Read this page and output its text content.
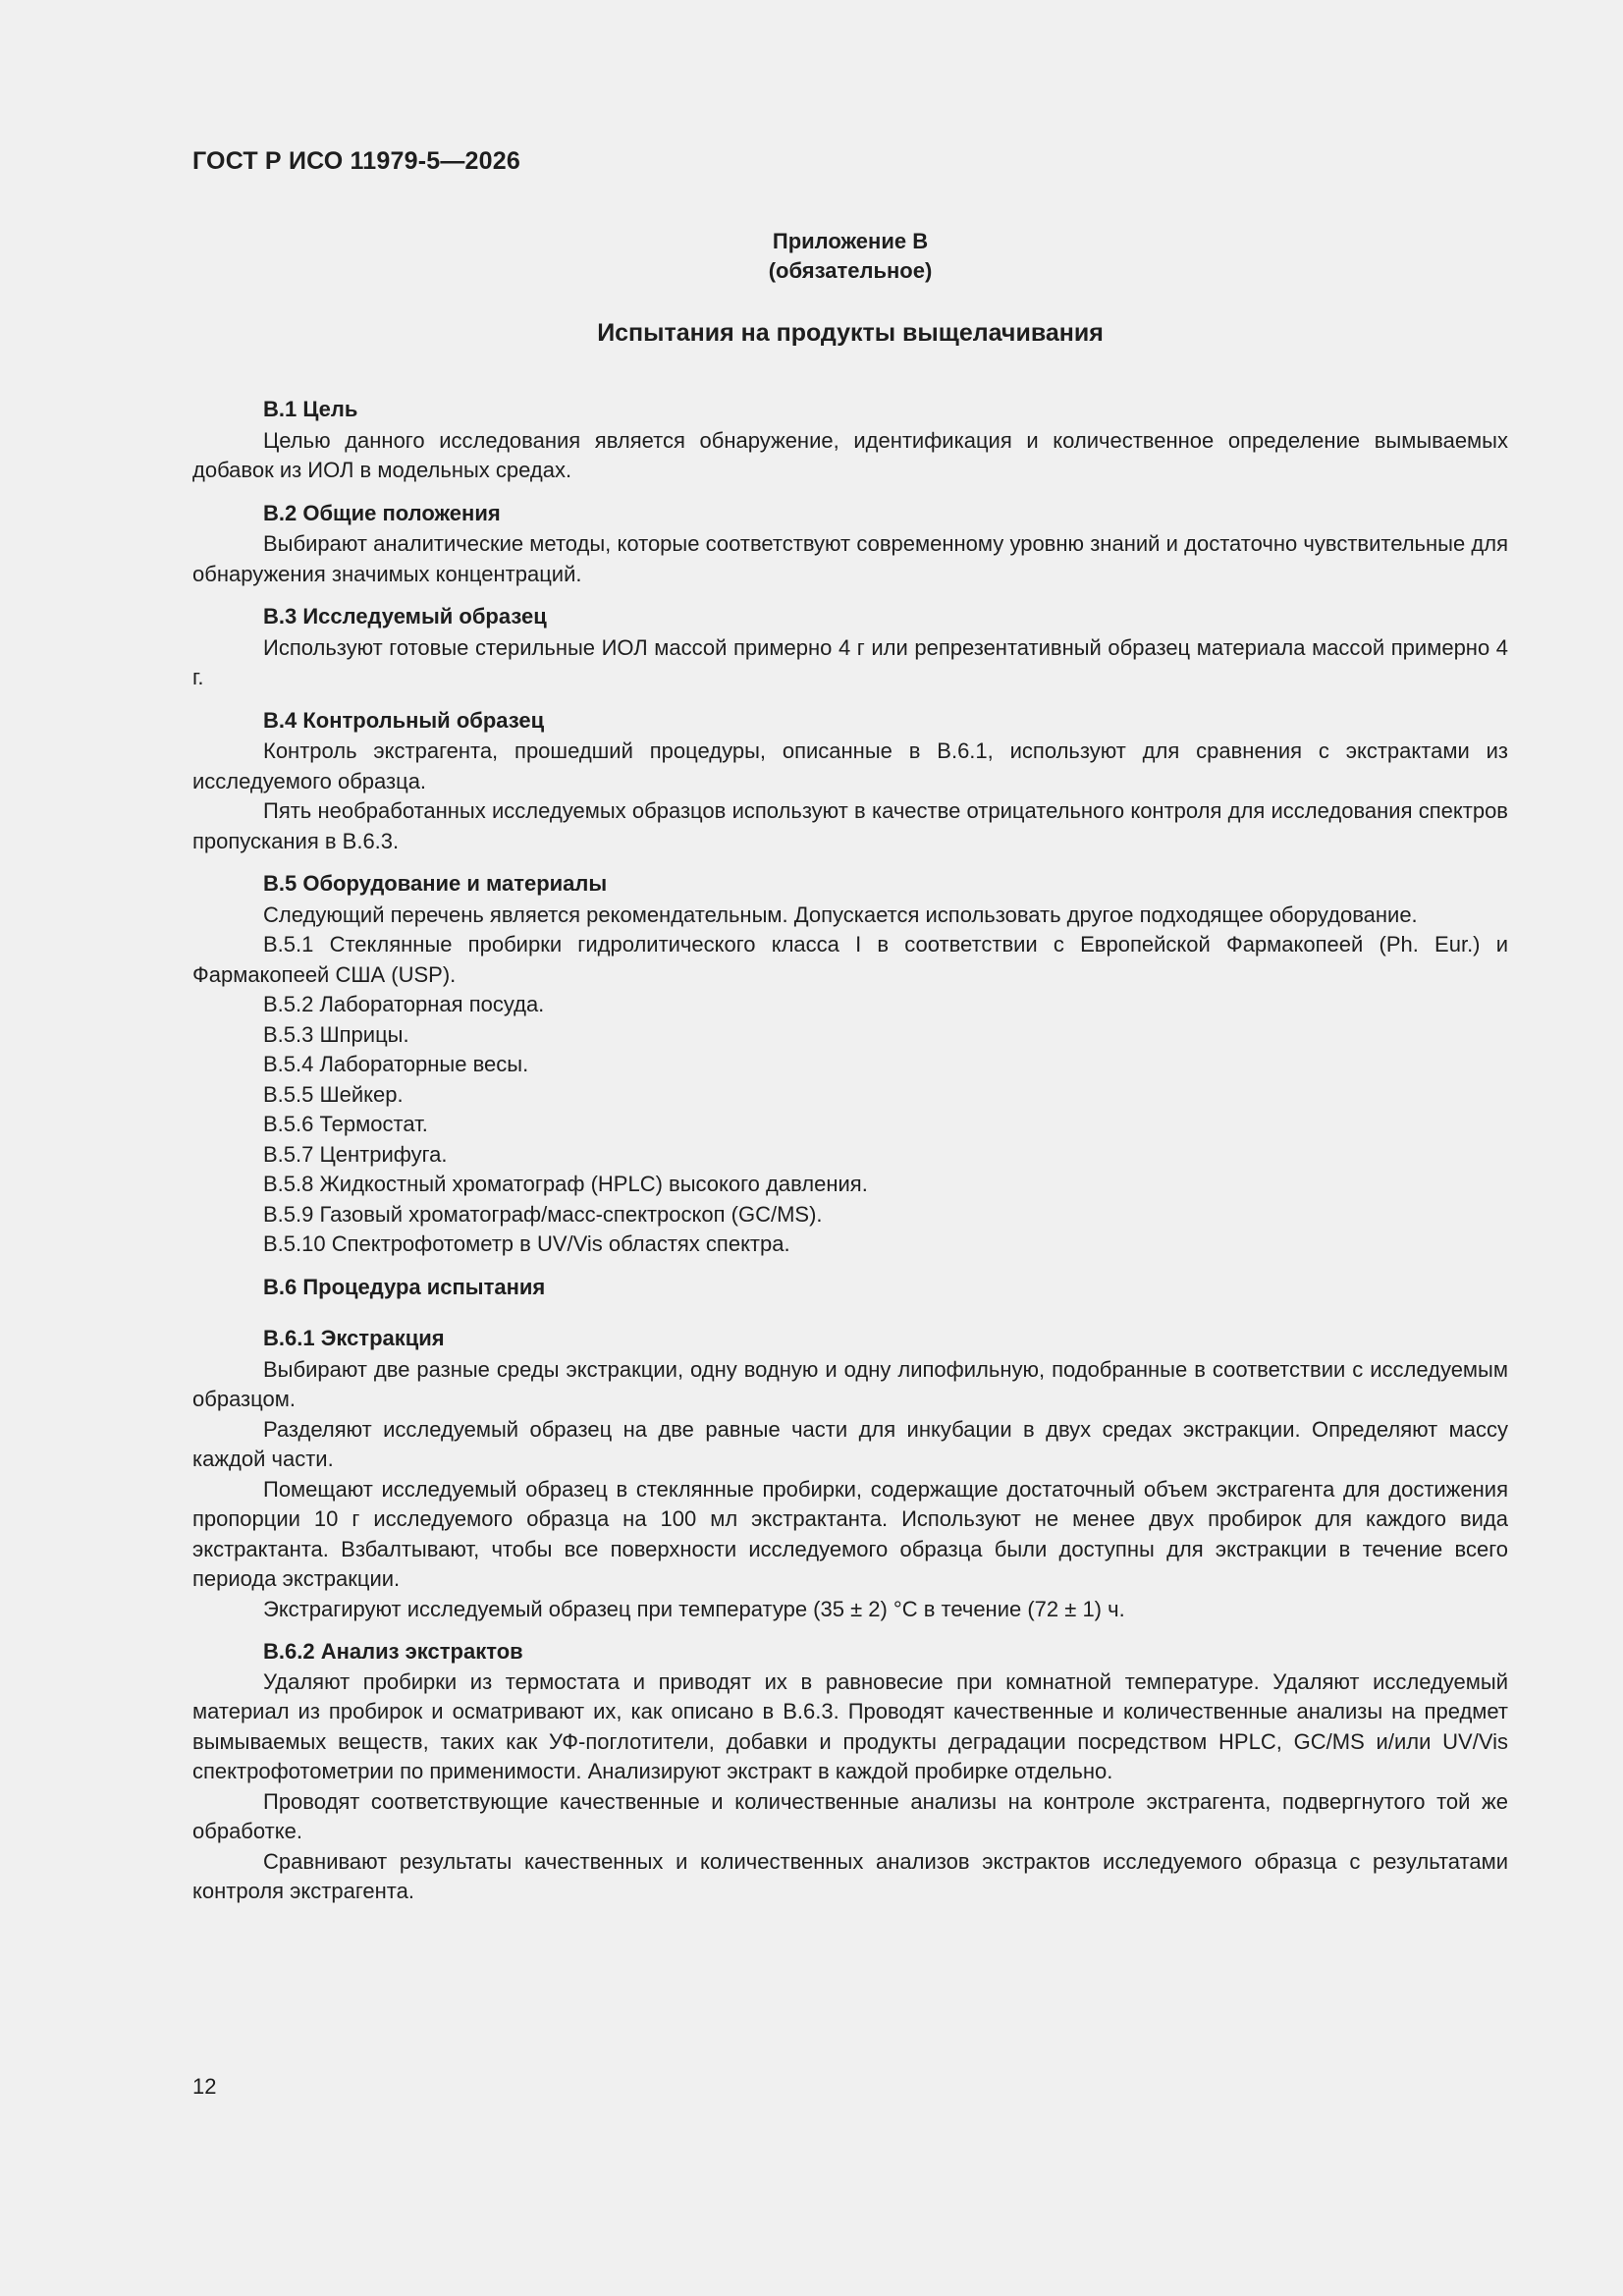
ГОСТ Р ИСО 11979-5—2026
Приложение В
(обязательное)
Испытания на продукты выщелачивания
В.1 Цель

Целью данного исследования является обнаружение, идентификация и количественное определение вымываемых добавок из ИОЛ в модельных средах.

В.2 Общие положения

Выбирают аналитические методы, которые соответствуют современному уровню знаний и достаточно чувствительные для обнаружения значимых концентраций.

В.3 Исследуемый образец

Используют готовые стерильные ИОЛ массой примерно 4 г или репрезентативный образец материала массой примерно 4 г.

В.4 Контрольный образец

Контроль экстрагента, прошедший процедуры, описанные в В.6.1, используют для сравнения с экстрактами из исследуемого образца.

Пять необработанных исследуемых образцов используют в качестве отрицательного контроля для исследования спектров пропускания в В.6.3.

В.5 Оборудование и материалы

Следующий перечень является рекомендательным. Допускается использовать другое подходящее оборудование.

В.5.1 Стеклянные пробирки гидролитического класса I в соответствии с Европейской Фармакопеей (Ph. Eur.) и Фармакопеей США (USP).

В.5.2 Лабораторная посуда.

В.5.3 Шприцы.

В.5.4 Лабораторные весы.

В.5.5 Шейкер.

В.5.6 Термостат.

В.5.7 Центрифуга.

В.5.8 Жидкостный хроматограф (HPLC) высокого давления.

В.5.9 Газовый хроматограф/масс-спектроскоп (GC/MS).

В.5.10 Спектрофотометр в UV/Vis областях спектра.

В.6 Процедура испытания
В.6.1 Экстракция

Выбирают две разные среды экстракции, одну водную и одну липофильную, подобранные в соответствии с исследуемым образцом.

Разделяют исследуемый образец на две равные части для инкубации в двух средах экстракции. Определяют массу каждой части.

Помещают исследуемый образец в стеклянные пробирки, содержащие достаточный объем экстрагента для достижения пропорции 10 г исследуемого образца на 100 мл экстрактанта. Используют не менее двух пробирок для каждого вида экстрактанта. Взбалтывают, чтобы все поверхности исследуемого образца были доступны для экстракции в течение всего периода экстракции.

Экстрагируют исследуемый образец при температуре (35 ± 2) °С в течение (72 ± 1) ч.

В.6.2 Анализ экстрактов

Удаляют пробирки из термостата и приводят их в равновесие при комнатной температуре. Удаляют исследуемый материал из пробирок и осматривают их, как описано в В.6.3. Проводят качественные и количественные анализы на предмет вымываемых веществ, таких как УФ-поглотители, добавки и продукты деградации посредством HPLC, GC/MS и/или UV/Vis спектрофотометрии по применимости. Анализируют экстракт в каждой пробирке отдельно.

Проводят соответствующие качественные и количественные анализы на контроле экстрагента, подвергнутого той же обработке.

Сравнивают результаты качественных и количественных анализов экстрактов исследуемого образца с результатами контроля экстрагента.

12
